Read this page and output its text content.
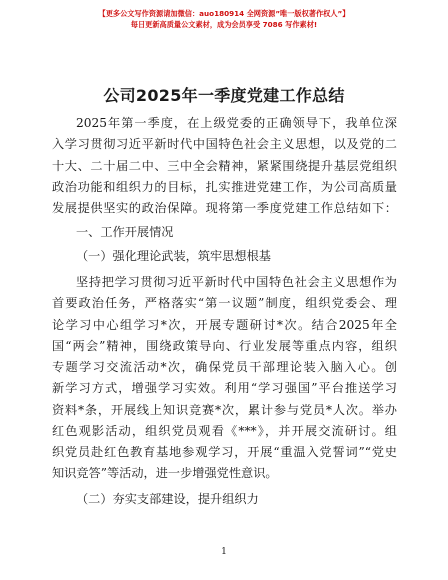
【更多公文写作资源请加微信：auo180914 全网资源”唯一版权著作权人”】
每日更新高质量公文素材，成为会员享受 7086 写作素材!
公司2025年一季度党建工作总结
2025年第一季度，在上级党委的正确领导下，我单位深
入学习贯彻习近平新时代中国特色社会主义思想，以及党的二
十大、二十届二中、三中全会精神，紧紧围绕提升基层党组织
政治功能和组织力的目标，扎实推进党建工作，为公司高质量
发展提供坚实的政治保障。现将第一季度党建工作总结如下：
一、工作开展情况
（一）强化理论武装，筑牢思想根基
坚持把学习贯彻习近平新时代中国特色社会主义思想作为
首要政治任务，严格落实“第一议题”制度，组织党委会、理
论学习中心组学习*次，开展专题研讨*次。结合2025年全
国“两会”精神，围绕政策导向、行业发展等重点内容，组织
专题学习交流活动*次，确保党员干部理论装入脑入心。创
新学习方式，增强学习实效。利用“学习强国”平台推送学习
资料*条，开展线上知识竞赛*次，累计参与党员*人次。举办
红色观影活动，组织党员观看《***》，并开展交流研讨。组
织党员赴红色教育基地参观学习，开展“重温入党誓词”“党史
知识竞答”等活动，进一步增强党性意识。
（二）夯实支部建设，提升组织力
1
